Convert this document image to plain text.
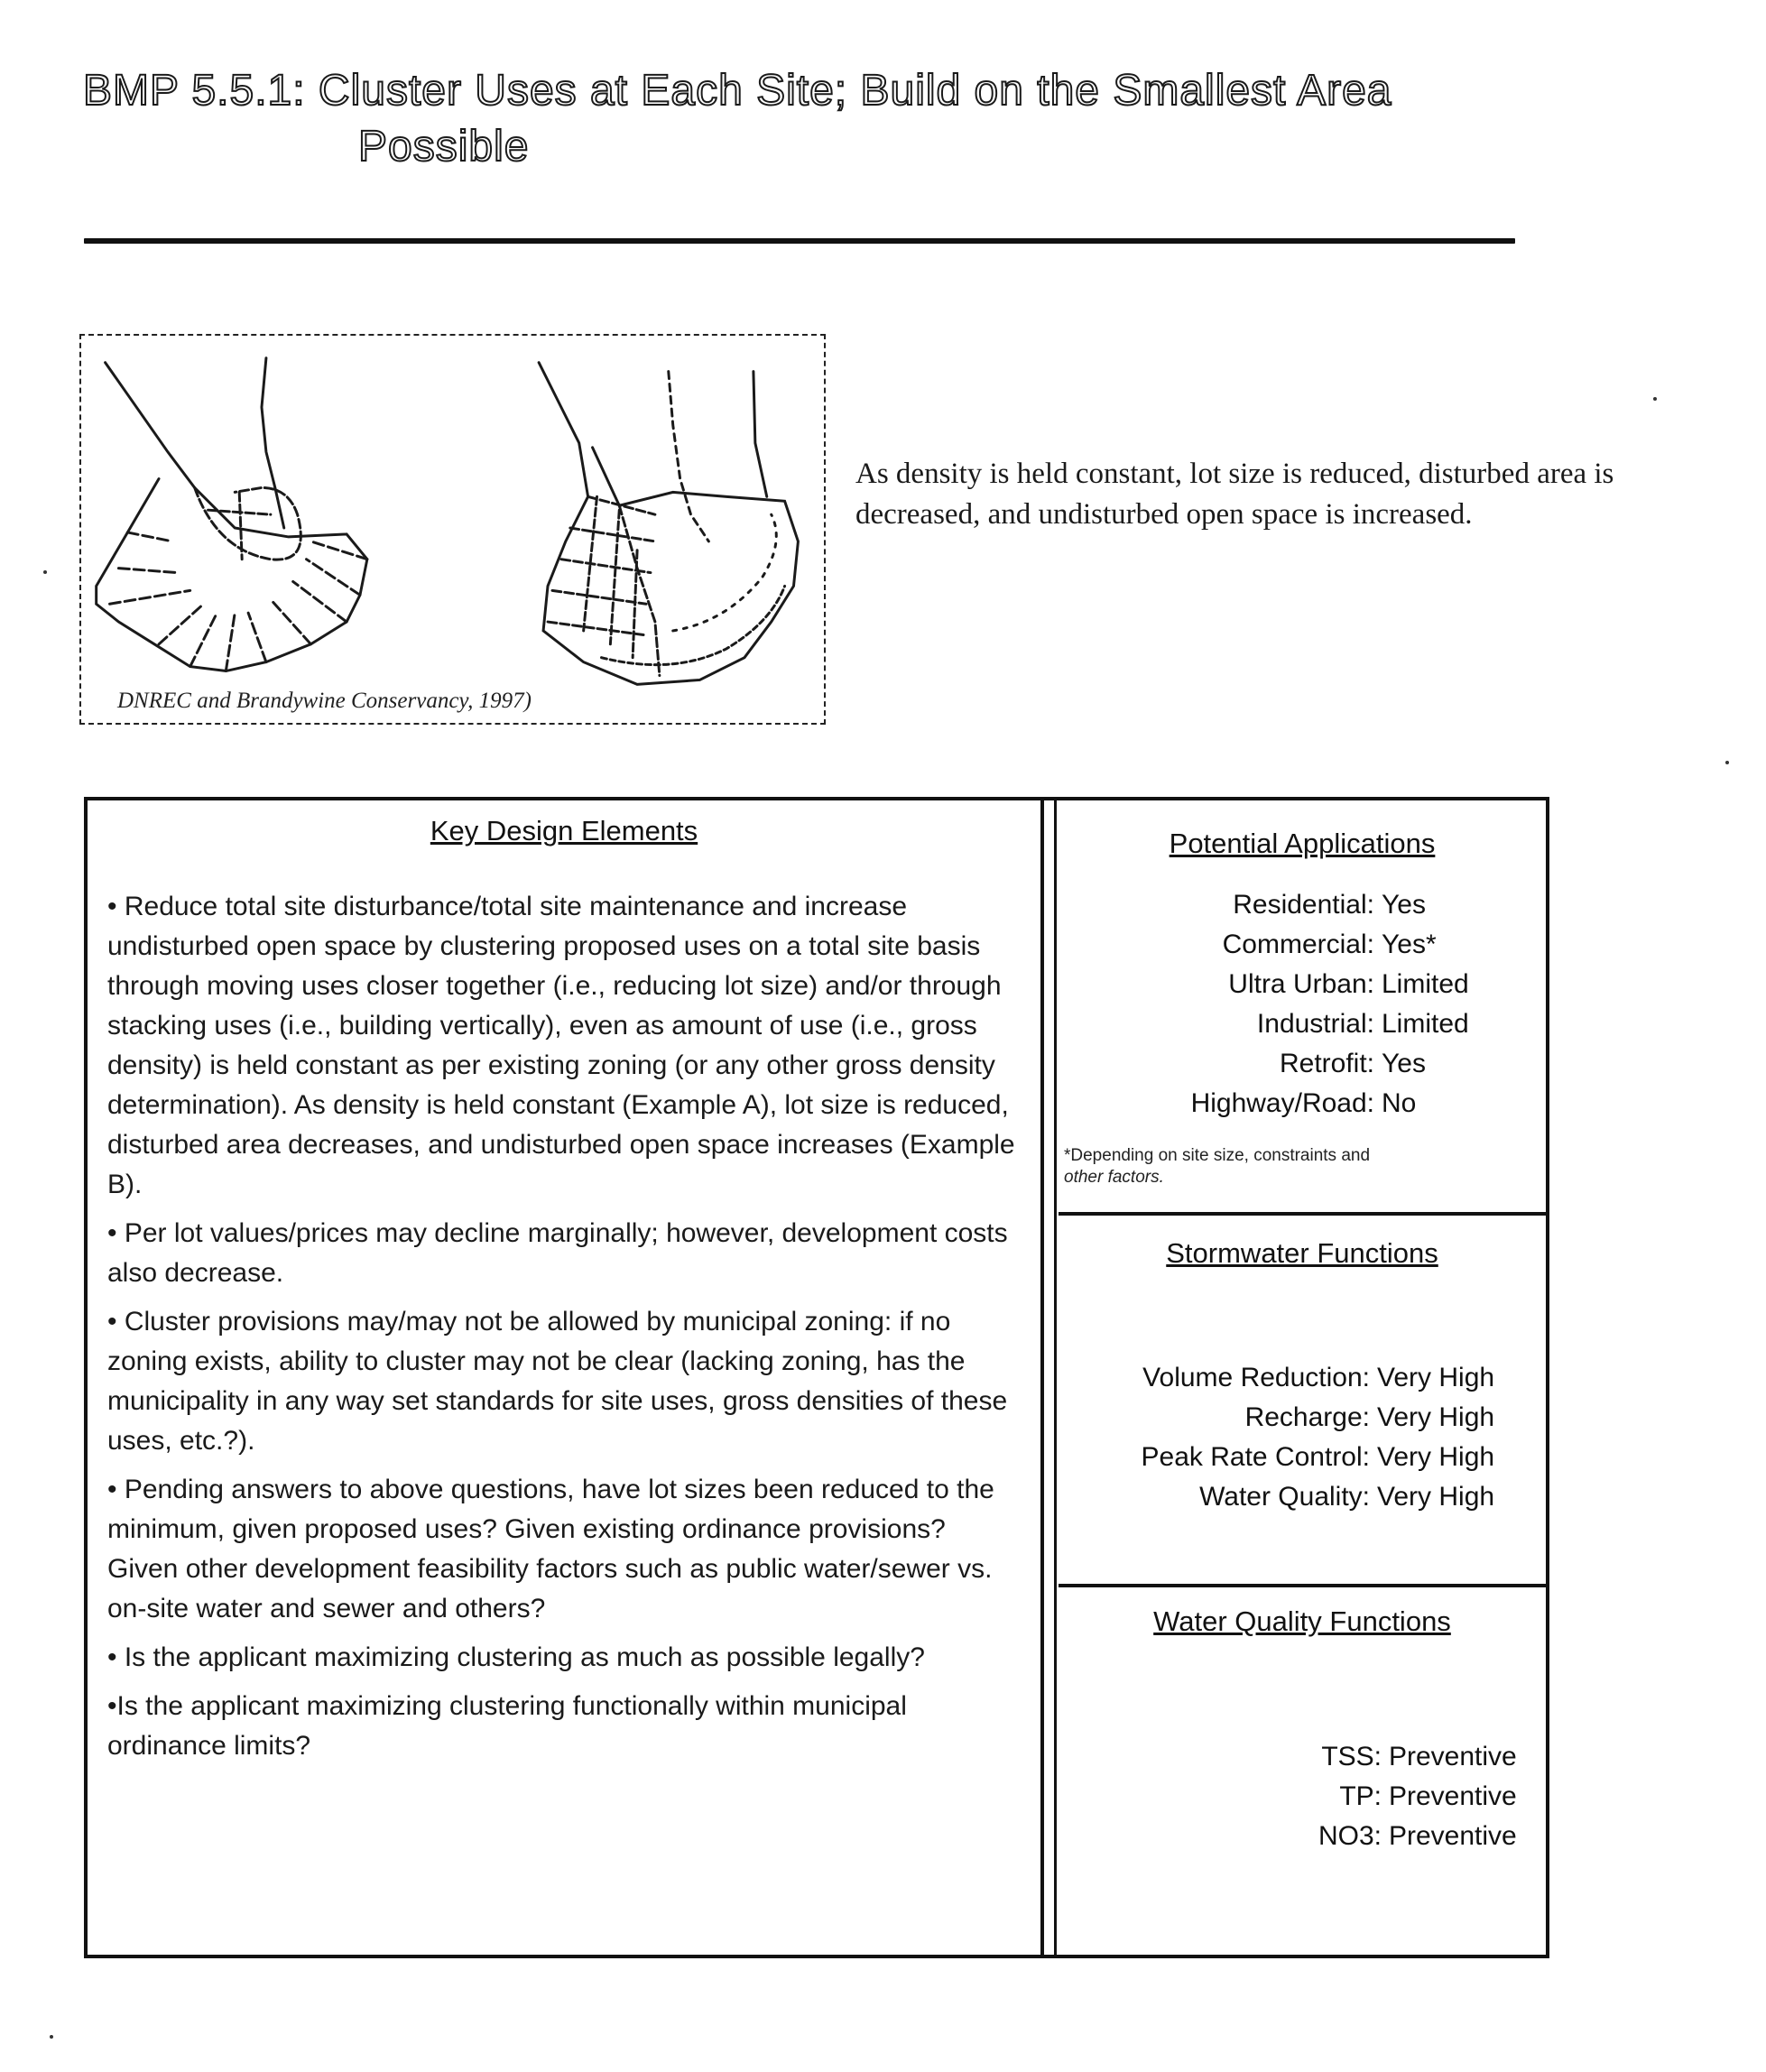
BMP 5.5.1: Cluster Uses at Each Site; Build on the Smallest Area
Possible
DNREC and Brandywine Conservancy, 1997)

As density is held constant, lot size is reduced, disturbed area is decreased, and undisturbed open space is increased.

Key Design Elements

• Reduce total site disturbance/total site maintenance and increase undisturbed open space by clustering proposed uses on a total site basis through moving uses closer together (i.e., reducing lot size) and/or through stacking uses (i.e., building vertically), even as amount of use (i.e., gross density) is held constant as per existing zoning (or any other gross density determination). As density is held constant (Example A), lot size is reduced, disturbed area decreases, and undisturbed open space increases (Example B).

• Per lot values/prices may decline marginally; however, development costs also decrease.

• Cluster provisions may/may not be allowed by municipal zoning: if no zoning exists, ability to cluster may not be clear (lacking zoning, has the municipality in any way set standards for site uses, gross densities of these uses, etc.?).

• Pending answers to above questions, have lot sizes been reduced to the minimum, given proposed uses? Given existing ordinance provisions? Given other development feasibility factors such as public water/sewer vs. on-site water and sewer and others?

• Is the applicant maximizing clustering as much as possible legally?

•Is the applicant maximizing clustering functionally within municipal ordinance limits?

Potential Applications
Residential: Yes
Commercial: Yes*
Ultra Urban: Limited
Industrial: Limited
Retrofit: Yes
Highway/Road: No
*Depending on site size, constraints and
other factors.
Stormwater Functions
Volume Reduction: Very High
Recharge: Very High
Peak Rate Control: Very High
Water Quality: Very High
Water Quality Functions
TSS: Preventive
TP: Preventive
NO3: Preventive
